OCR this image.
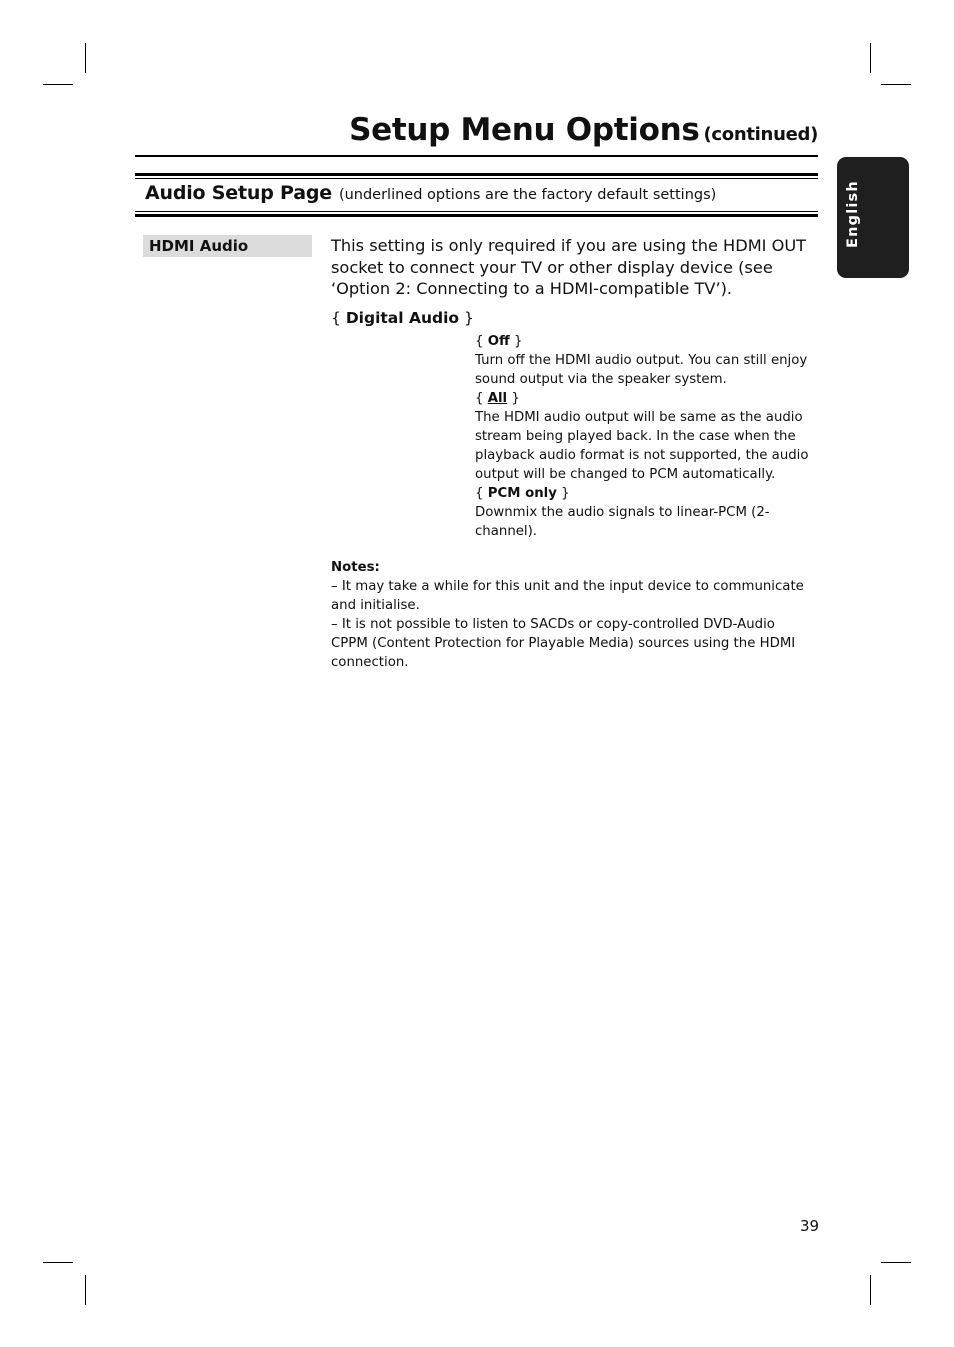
Setup Menu Options (continued)
Audio Setup Page (underlined options are the factory default settings)	English
HDMI Audio	This setting is only required if you are using the HDMI OUT socket to connect your TV or other display device (see ‘Option 2: Connecting to a HDMI-compatible TV’).
{ Digital Audio }
{ Off }
Turn off the HDMI audio output. You can still enjoy sound output via the speaker system.
{ All }
The HDMI audio output will be same as the audio stream being played back. In the case when the playback audio format is not supported, the audio output will be changed to PCM automatically.
{ PCM only }
Downmix the audio signals to linear-PCM (2-channel).
Notes:
– It may take a while for this unit and the input device to communicate and initialise.
– It is not possible to listen to SACDs or copy-controlled DVD-Audio CPPM (Content Protection for Playable Media) sources using the HDMI connection.
39
